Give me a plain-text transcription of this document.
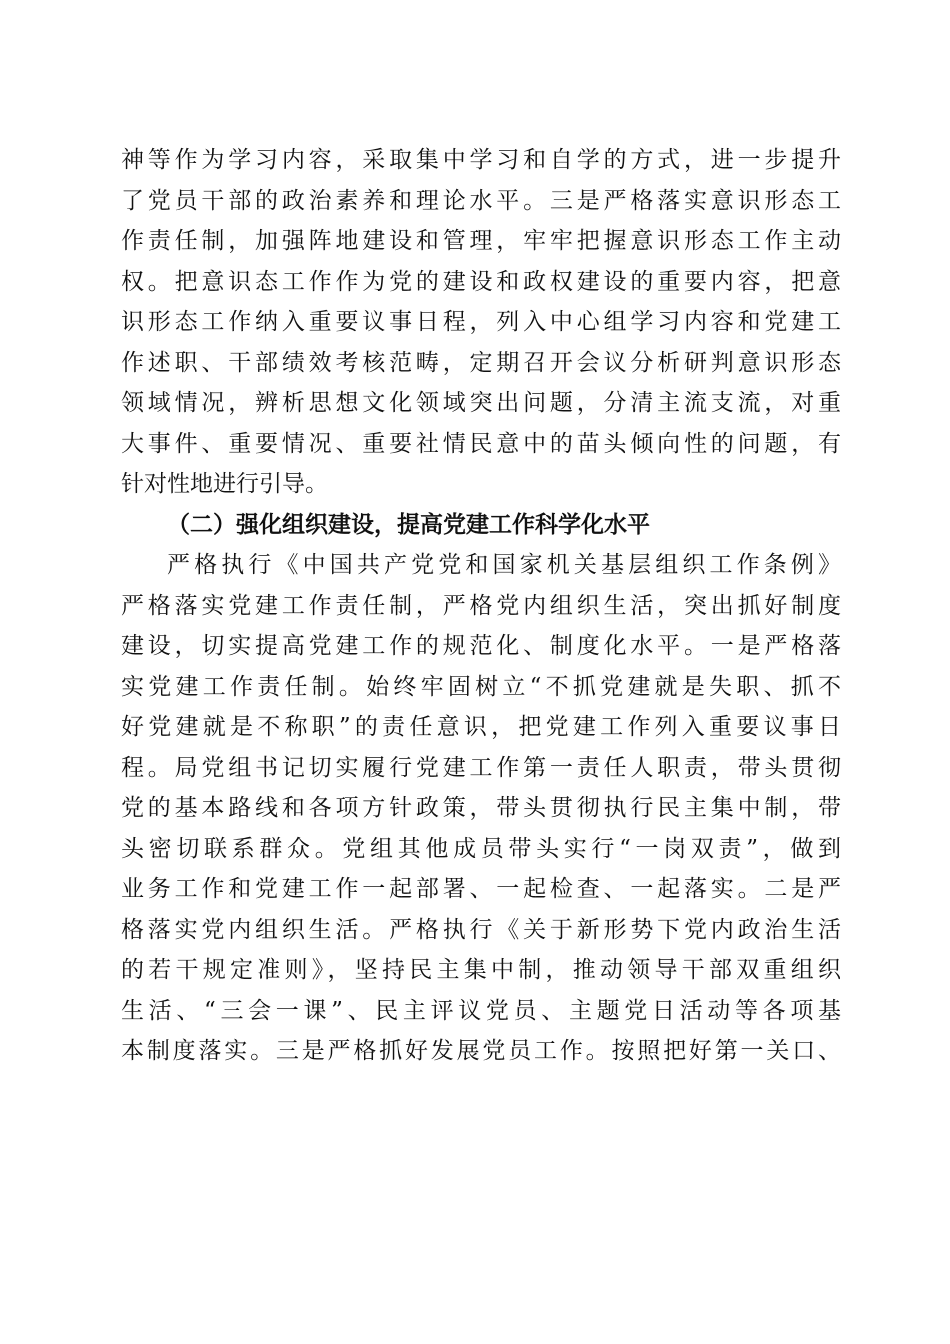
神等作为学习内容，采取集中学习和自学的方式，进一步提升
了党员干部的政治素养和理论水平。三是严格落实意识形态工
作责任制，加强阵地建设和管理，牢牢把握意识形态工作主动
权。把意识态工作作为党的建设和政权建设的重要内容，把意
识形态工作纳入重要议事日程，列入中心组学习内容和党建工
作述职、干部绩效考核范畴，定期召开会议分析研判意识形态
领域情况，辨析思想文化领域突出问题，分清主流支流，对重
大事件、重要情况、重要社情民意中的苗头倾向性的问题，有
针对性地进行引导。
（二）强化组织建设，提高党建工作科学化水平
严格执行《中国共产党党和国家机关基层组织工作条例》
严格落实党建工作责任制，严格党内组织生活，突出抓好制度
建设，切实提高党建工作的规范化、制度化水平。一是严格落
实党建工作责任制。始终牢固树立“不抓党建就是失职、抓不
好党建就是不称职”的责任意识，把党建工作列入重要议事日
程。局党组书记切实履行党建工作第一责任人职责，带头贯彻
党的基本路线和各项方针政策，带头贯彻执行民主集中制，带
头密切联系群众。党组其他成员带头实行“一岗双责”，做到
业务工作和党建工作一起部署、一起检查、一起落实。二是严
格落实党内组织生活。严格执行《关于新形势下党内政治生活
的若干规定准则》，坚持民主集中制，推动领导干部双重组织
生活、“三会一课”、民主评议党员、主题党日活动等各项基
本制度落实。三是严格抓好发展党员工作。按照把好第一关口、
